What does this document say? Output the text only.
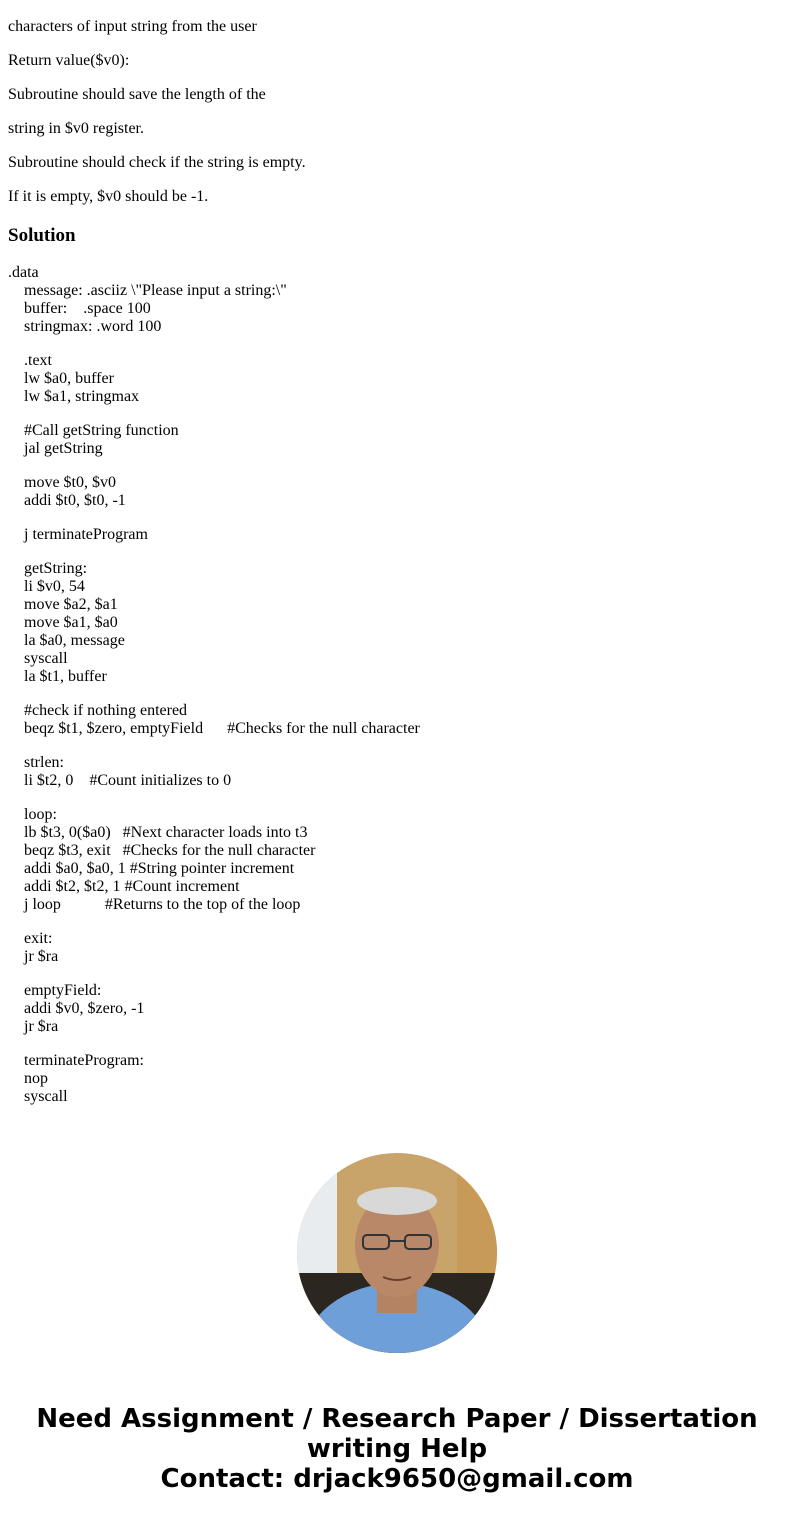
characters of input string from the user

Return value($v0):

Subroutine should save the length of the

string in $v0 register.

Subroutine should check if the string is empty.

If it is empty, $v0 should be -1.

Solution
.data
message: .asciiz \"Please input a string:\"
buffer:    .space 100
stringmax: .word 100
.text
lw $a0, buffer
lw $a1, stringmax
#Call getString function
jal getString
move $t0, $v0
addi $t0, $t0, -1
j terminateProgram
getString:
li $v0, 54
move $a2, $a1
move $a1, $a0
la $a0, message
syscall
la $t1, buffer
#check if nothing entered
beqz $t1, $zero, emptyField      #Checks for the null character
strlen:
li $t2, 0    #Count initializes to 0
loop:
lb $t3, 0($a0)   #Next character loads into t3
beqz $t3, exit   #Checks for the null character
addi $a0, $a0, 1 #String pointer increment
addi $t2, $t2, 1 #Count increment
j loop           #Returns to the top of the loop
exit:
jr $ra
emptyField:
addi $v0, $zero, -1
jr $ra
terminateProgram:
nop
syscall
Need Assignment / Research Paper / Dissertation
writing Help
Contact: drjack9650@gmail.com
